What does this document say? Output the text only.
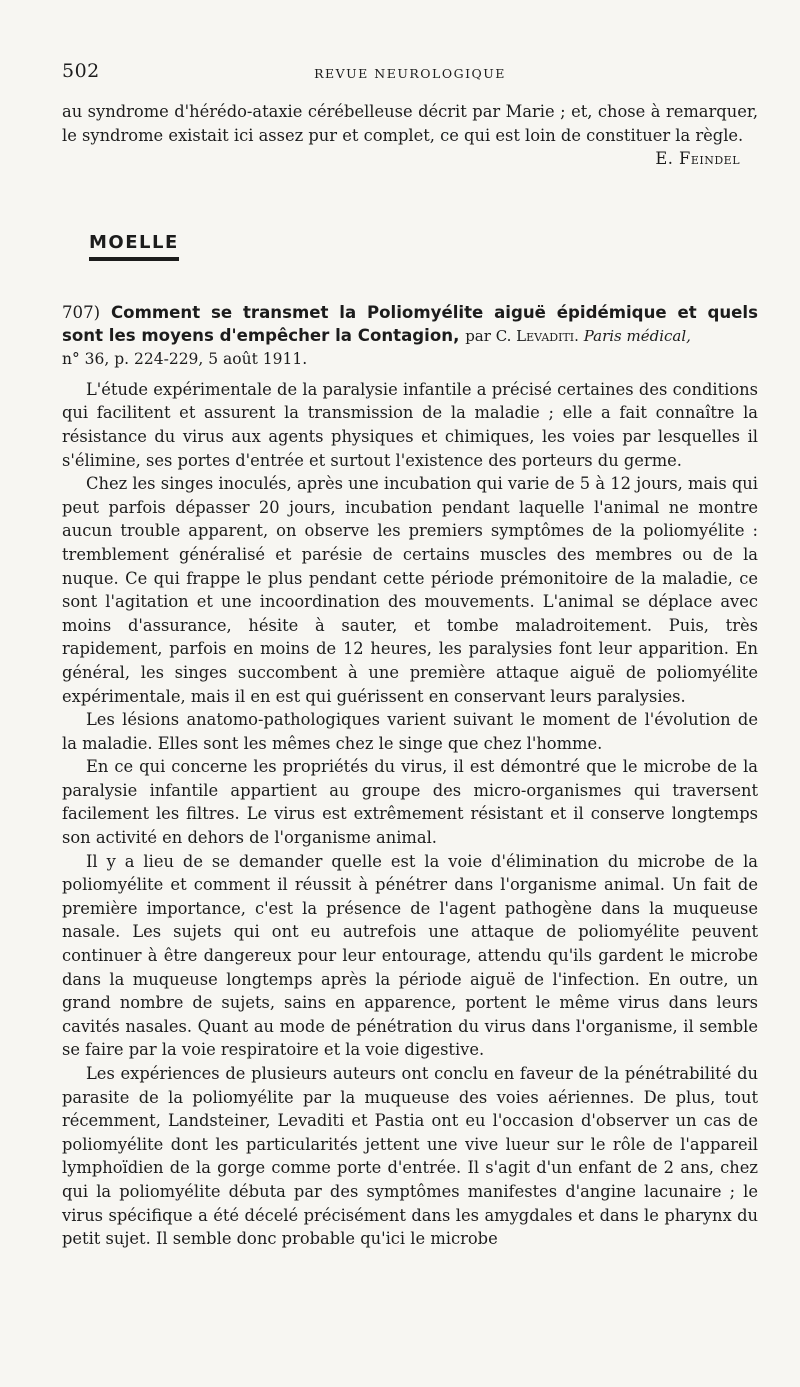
502	REVUE NEUROLOGIQUE

au syndrome d'hérédo-ataxie cérébelleuse décrit par Marie ; et, chose à remarquer, le syndrome existait ici assez pur et complet, ce qui est loin de constituer la règle.

E. Feindel
MOELLE
707) Comment se transmet la Poliomyélite aiguë épidémique et quels sont les moyens d'empêcher la Contagion, par C. Levaditi. Paris médical,
n° 36, p. 224-229, 5 août 1911.

L'étude expérimentale de la paralysie infantile a précisé certaines des conditions qui facilitent et assurent la transmission de la maladie ; elle a fait connaître la résistance du virus aux agents physiques et chimiques, les voies par lesquelles il s'élimine, ses portes d'entrée et surtout l'existence des porteurs du germe.

Chez les singes inoculés, après une incubation qui varie de 5 à 12 jours, mais qui peut parfois dépasser 20 jours, incubation pendant laquelle l'animal ne montre aucun trouble apparent, on observe les premiers symptômes de la poliomyélite : tremblement généralisé et parésie de certains muscles des membres ou de la nuque. Ce qui frappe le plus pendant cette période prémonitoire de la maladie, ce sont l'agitation et une incoordination des mouvements. L'animal se déplace avec moins d'assurance, hésite à sauter, et tombe maladroitement. Puis, très rapidement, parfois en moins de 12 heures, les paralysies font leur apparition. En général, les singes succombent à une première attaque aiguë de poliomyélite expérimentale, mais il en est qui guérissent en conservant leurs paralysies.

Les lésions anatomo-pathologiques varient suivant le moment de l'évolution de la maladie. Elles sont les mêmes chez le singe que chez l'homme.

En ce qui concerne les propriétés du virus, il est démontré que le microbe de la paralysie infantile appartient au groupe des micro-organismes qui traversent facilement les filtres. Le virus est extrêmement résistant et il conserve longtemps son activité en dehors de l'organisme animal.

Il y a lieu de se demander quelle est la voie d'élimination du microbe de la poliomyélite et comment il réussit à pénétrer dans l'organisme animal. Un fait de première importance, c'est la présence de l'agent pathogène dans la muqueuse nasale. Les sujets qui ont eu autrefois une attaque de poliomyélite peuvent continuer à être dangereux pour leur entourage, attendu qu'ils gardent le microbe dans la muqueuse longtemps après la période aiguë de l'infection. En outre, un grand nombre de sujets, sains en apparence, portent le même virus dans leurs cavités nasales. Quant au mode de pénétration du virus dans l'organisme, il semble se faire par la voie respiratoire et la voie digestive.

Les expériences de plusieurs auteurs ont conclu en faveur de la pénétrabilité du parasite de la poliomyélite par la muqueuse des voies aériennes. De plus, tout récemment, Landsteiner, Levaditi et Pastia ont eu l'occasion d'observer un cas de poliomyélite dont les particularités jettent une vive lueur sur le rôle de l'appareil lymphoïdien de la gorge comme porte d'entrée. Il s'agit d'un enfant de 2 ans, chez qui la poliomyélite débuta par des symptômes manifestes d'angine lacunaire ; le virus spécifique a été décelé précisément dans les amygdales et dans le pharynx du petit sujet. Il semble donc probable qu'ici le microbe
